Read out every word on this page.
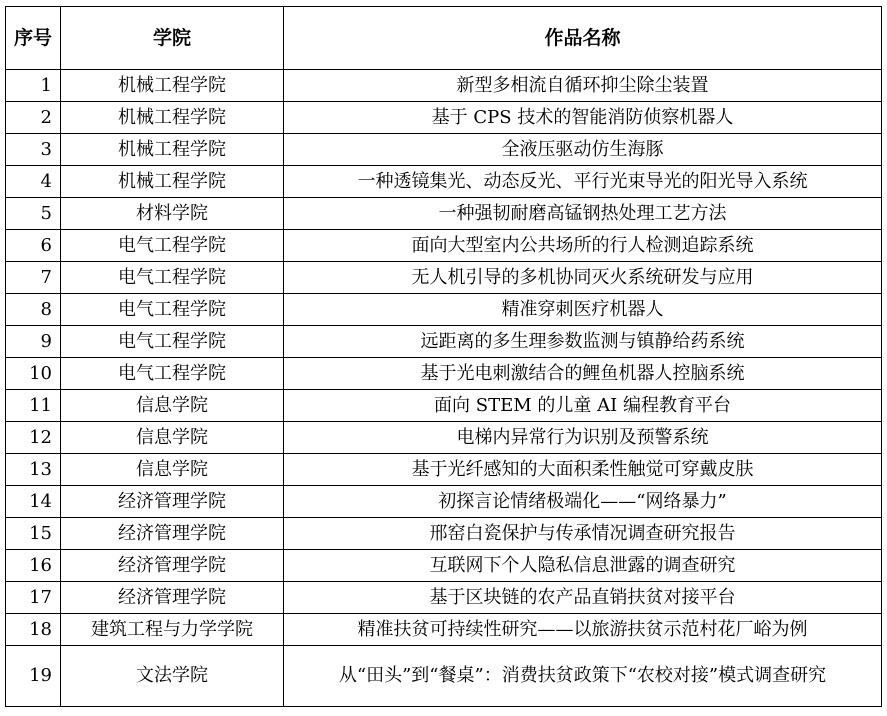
序号	学院	作品名称
1	机械工程学院	新型多相流自循环抑尘除尘装置
2	机械工程学院	基于 CPS 技术的智能消防侦察机器人
3	机械工程学院	全液压驱动仿生海豚
4	机械工程学院	一种透镜集光、动态反光、平行光束导光的阳光导入系统
5	材料学院	一种强韧耐磨高锰钢热处理工艺方法
6	电气工程学院	面向大型室内公共场所的行人检测追踪系统
7	电气工程学院	无人机引导的多机协同灭火系统研发与应用
8	电气工程学院	精准穿刺医疗机器人
9	电气工程学院	远距离的多生理参数监测与镇静给药系统
10	电气工程学院	基于光电刺激结合的鲤鱼机器人控脑系统
11	信息学院	面向 STEM 的儿童 AI 编程教育平台
12	信息学院	电梯内异常行为识别及预警系统
13	信息学院	基于光纤感知的大面积柔性触觉可穿戴皮肤
14	经济管理学院	初探言论情绪极端化——“网络暴力”
15	经济管理学院	邢窑白瓷保护与传承情况调查研究报告
16	经济管理学院	互联网下个人隐私信息泄露的调查研究
17	经济管理学院	基于区块链的农产品直销扶贫对接平台
18	建筑工程与力学学院	精准扶贫可持续性研究——以旅游扶贫示范村花厂峪为例
19	文法学院	从“田头”到“餐桌”：消费扶贫政策下“农校对接”模式调查研究
